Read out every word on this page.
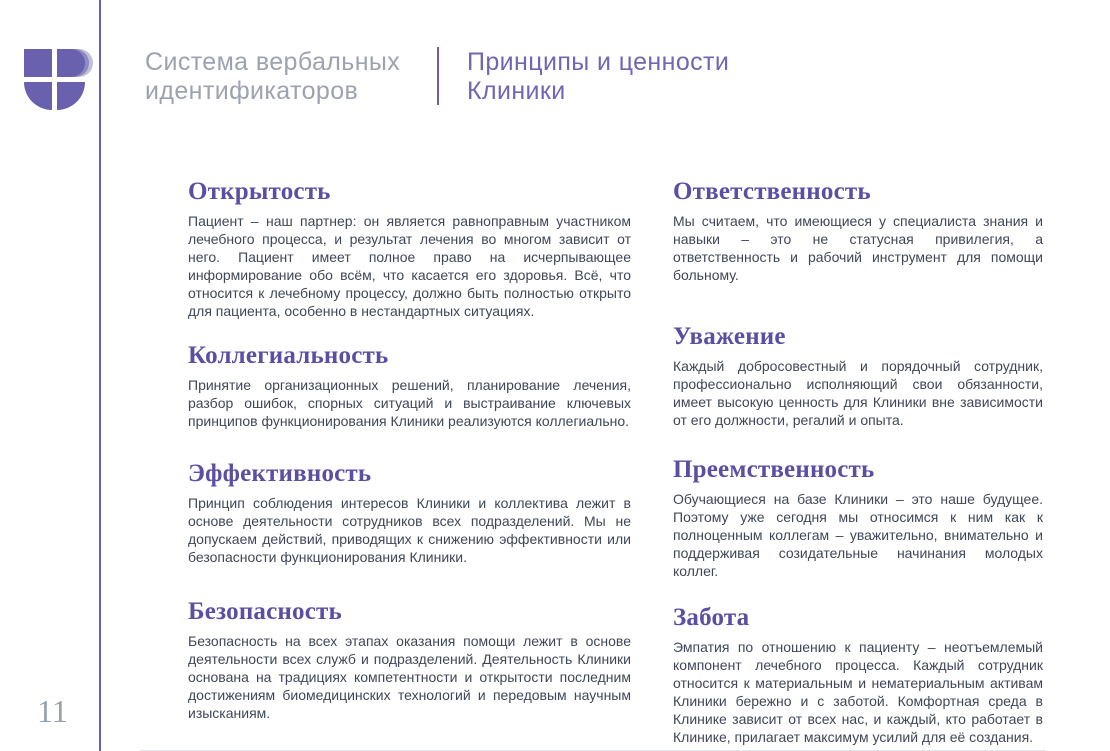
Система вербальных идентификаторов
Принципы и ценности Клиники
Открытость

Пациент – наш партнер: он является равноправным участником лечебного процесса, и результат лечения во многом зависит от него. Пациент имеет полное право на исчерпывающее информирование обо всём, что касается его здоровья. Всё, что относится к лечебному процессу, должно быть полностью открыто для пациента, особенно в нестандартных ситуациях.

Коллегиальность

Принятие организационных решений, планирование лечения, разбор ошибок, спорных ситуаций и выстраивание ключевых принципов функционирования Клиники реализуются коллегиально.

Эффективность

Принцип соблюдения интересов Клиники и коллектива лежит в основе деятельности сотрудников всех подразделений. Мы не допускаем действий, приводящих к снижению эффективности или безопасности функционирования Клиники.

Безопасность

Безопасность на всех этапах оказания помощи лежит в основе деятельности всех служб и подразделений. Деятельность Клиники основана на традициях компетентности и открытости последним достижениям биомедицинских технологий и передовым научным изысканиям.

Ответственность

Мы считаем, что имеющиеся у специалиста знания и навыки – это не статусная привилегия, а ответственность и рабочий инструмент для помощи больному.

Уважение

Каждый добросовестный и порядочный сотрудник, профессионально исполняющий свои обязанности, имеет высокую ценность для Клиники вне зависимости от его должности, регалий и опыта.

Преемственность

Обучающиеся на базе Клиники – это наше будущее. Поэтому уже сегодня мы относимся к ним как к полноценным коллегам – уважительно, внимательно и поддерживая созидательные начинания молодых коллег.

Забота

Эмпатия по отношению к пациенту – неотъемлемый компонент лечебного процесса. Каждый сотрудник относится к материальным и нематериальным активам Клиники бережно и с заботой. Комфортная среда в Клинике зависит от всех нас, и каждый, кто работает в Клинике, прилагает максимум усилий для её создания.

11
